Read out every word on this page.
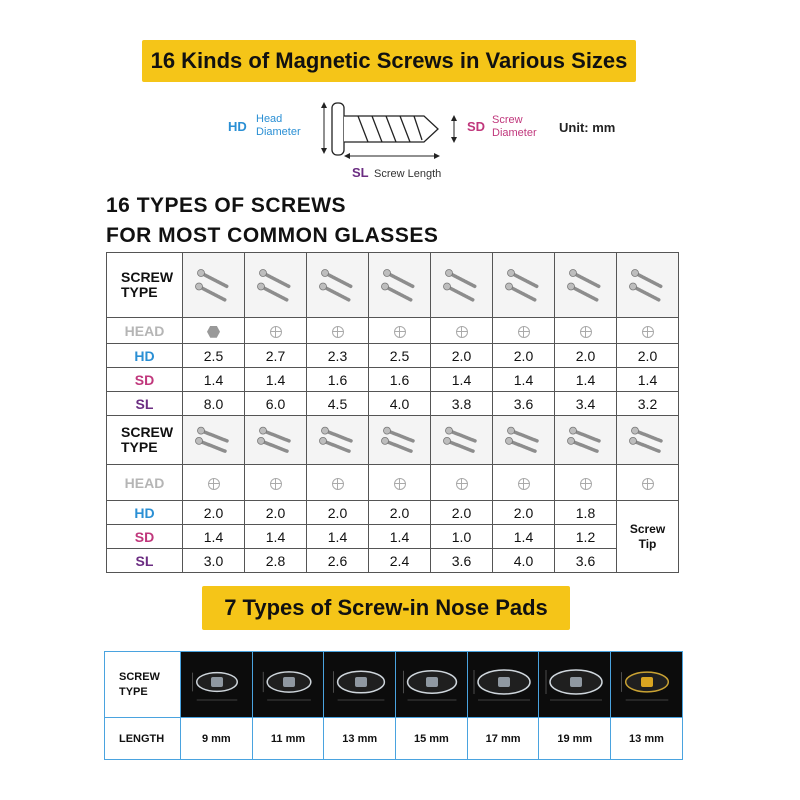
16 Kinds of Magnetic Screws in Various Sizes
HD Head Diameter	SD Screw Diameter	Unit: mm
SL Screw Length
16 TYPES OF SCREWS
FOR MOST COMMON GLASSES
SCREW TYPE								
HEAD								
HD	2.5	2.7	2.3	2.5	2.0	2.0	2.0	2.0
SD	1.4	1.4	1.6	1.6	1.4	1.4	1.4	1.4
SL	8.0	6.0	4.5	4.0	3.8	3.6	3.4	3.2
SCREW TYPE								
HEAD								
HD	2.0	2.0	2.0	2.0	2.0	2.0	1.8	Screw Tip
SD	1.4	1.4	1.4	1.4	1.0	1.4	1.2	
SL	3.0	2.8	2.6	2.4	3.6	4.0	3.6	
7 Types of Screw-in Nose Pads
SCREW TYPE							
LENGTH	9 mm	11 mm	13 mm	15 mm	17 mm	19 mm	13 mm
